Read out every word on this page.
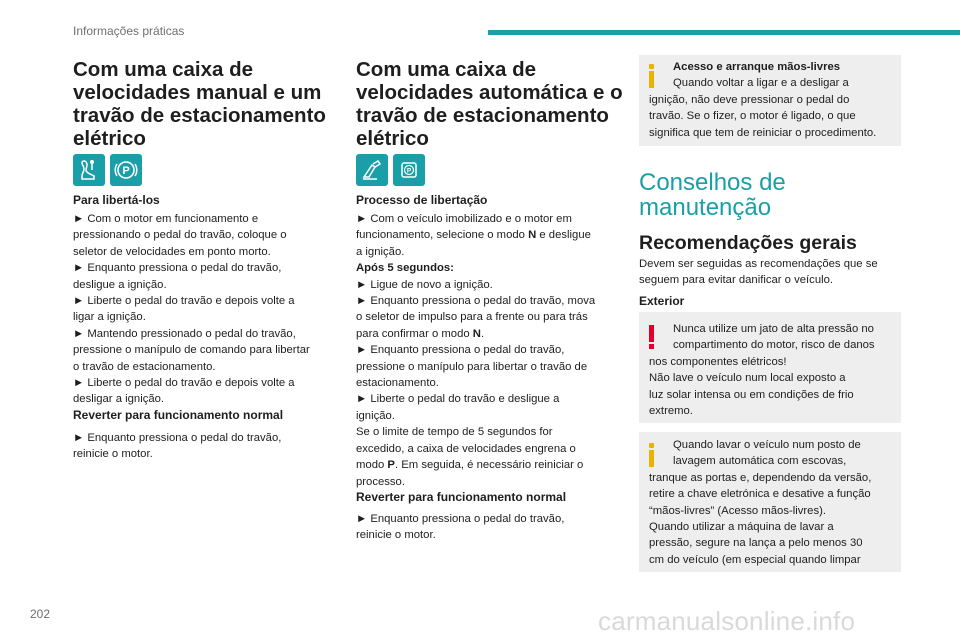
Informações práticas
Com uma caixa de
velocidades manual e um
travão de estacionamento
elétrico
P
Para libertá-los
► Com o motor em funcionamento e
pressionando o pedal do travão, coloque o
seletor de velocidades em ponto morto.
► Enquanto pressiona o pedal do travão,
desligue a ignição.
► Liberte o pedal do travão e depois volte a
ligar a ignição.
► Mantendo pressionado o pedal do travão,
pressione o manípulo de comando para libertar
o travão de estacionamento.
► Liberte o pedal do travão e depois volte a
desligar a ignição.
Reverter para funcionamento normal
► Enquanto pressiona o pedal do travão,
reinicie o motor.
Com uma caixa de
velocidades automática e o
travão de estacionamento
elétrico
P
Processo de libertação
► Com o veículo imobilizado e o motor em
funcionamento, selecione o modo N e desligue
a ignição.
Após 5 segundos:
► Ligue de novo a ignição.
► Enquanto pressiona o pedal do travão, mova
o seletor de impulso para a frente ou para trás
para confirmar o modo N.
► Enquanto pressiona o pedal do travão,
pressione o manípulo para libertar o travão de
estacionamento.
► Liberte o pedal do travão e desligue a
ignição.
Se o limite de tempo de 5 segundos for
excedido, a caixa de velocidades engrena o
modo P. Em seguida, é necessário reiniciar o
processo.
Reverter para funcionamento normal
► Enquanto pressiona o pedal do travão,
reinicie o motor.
Acesso e arranque mãos-livres
Quando voltar a ligar e a desligar a
ignição, não deve pressionar o pedal do
travão. Se o fizer, o motor é ligado, o que
significa que tem de reiniciar o procedimento.
Conselhos de
manutenção
Recomendações gerais
Devem ser seguidas as recomendações que se
seguem para evitar danificar o veículo.
Exterior
Nunca utilize um jato de alta pressão no
compartimento do motor, risco de danos
nos componentes elétricos!
Não lave o veículo num local exposto a
luz solar intensa ou em condições de frio
extremo.
Quando lavar o veículo num posto de
lavagem automática com escovas,
tranque as portas e, dependendo da versão,
retire a chave eletrónica e desative a função
“mãos-livres” (Acesso mãos-livres).
Quando utilizar a máquina de lavar a
pressão, segure na lança a pelo menos 30
cm do veículo (em especial quando limpar
202	carmanualsonline.info
